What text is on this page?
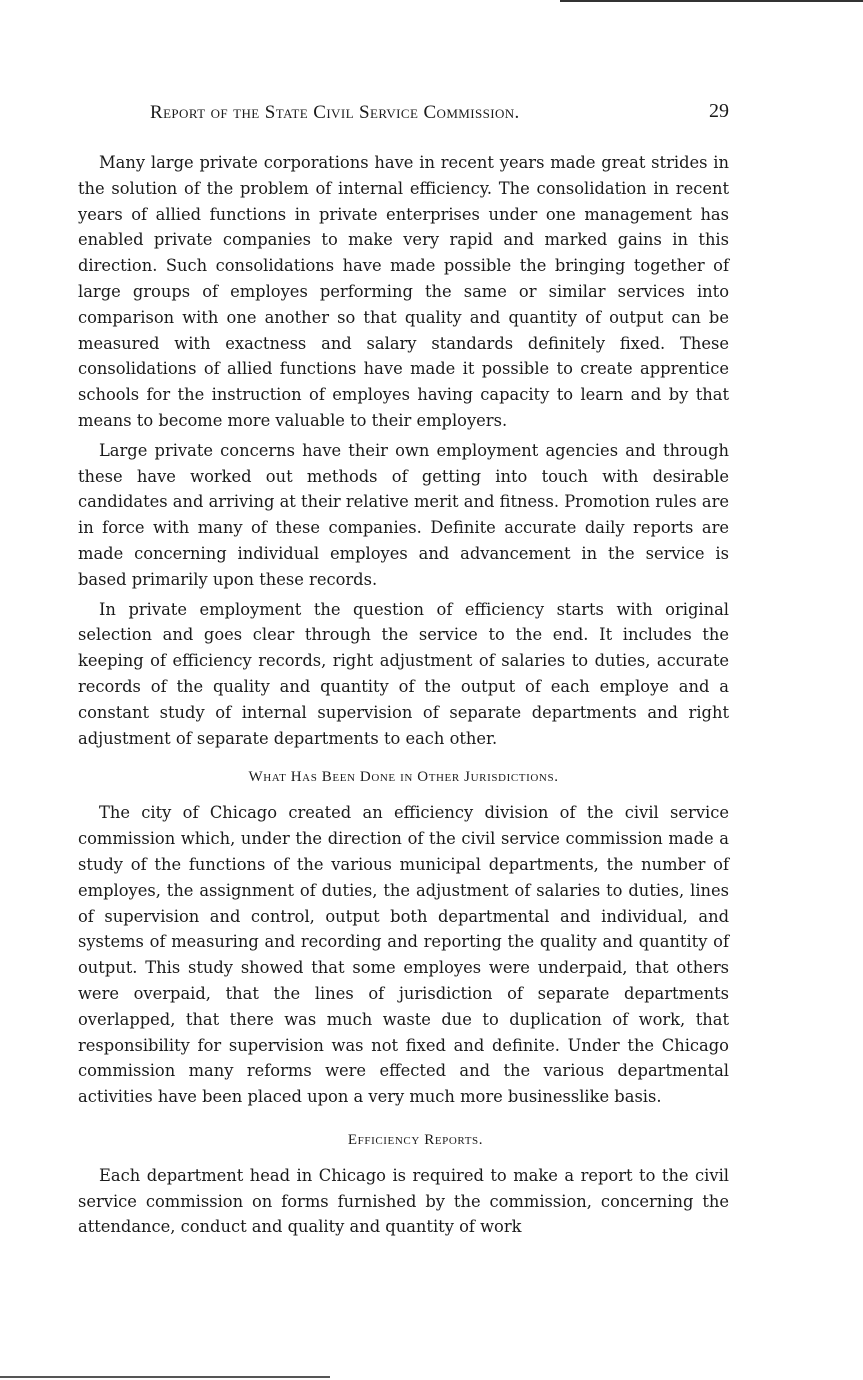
Report of the State Civil Service Commission.	29

Many large private corporations have in recent years made great strides in the solution of the problem of internal efficiency. The consolidation in recent years of allied functions in private enterprises under one management has enabled private companies to make very rapid and marked gains in this direction. Such consolidations have made possible the bringing together of large groups of employes performing the same or similar services into comparison with one another so that quality and quantity of output can be measured with exactness and salary standards definitely fixed. These consolidations of allied functions have made it possible to create apprentice schools for the instruction of employes having capacity to learn and by that means to become more valuable to their employers.

Large private concerns have their own employment agencies and through these have worked out methods of getting into touch with desirable candidates and arriving at their relative merit and fitness. Promotion rules are in force with many of these companies. Definite accurate daily reports are made concerning individual employes and advancement in the service is based primarily upon these records.

In private employment the question of efficiency starts with original selection and goes clear through the service to the end. It includes the keeping of efficiency records, right adjustment of salaries to duties, accurate records of the quality and quantity of the output of each employe and a constant study of internal supervision of separate departments and right adjustment of separate departments to each other.

What Has Been Done in Other Jurisdictions.

The city of Chicago created an efficiency division of the civil service commission which, under the direction of the civil service commission made a study of the functions of the various municipal departments, the number of employes, the assignment of duties, the adjustment of salaries to duties, lines of supervision and control, output both departmental and individual, and systems of measuring and recording and reporting the quality and quantity of output. This study showed that some employes were underpaid, that others were overpaid, that the lines of jurisdiction of separate departments overlapped, that there was much waste due to duplication of work, that responsibility for supervision was not fixed and definite. Under the Chicago commission many reforms were effected and the various departmental activities have been placed upon a very much more businesslike basis.

Efficiency Reports.

Each department head in Chicago is required to make a report to the civil service commission on forms furnished by the commission, concerning the attendance, conduct and quality and quantity of work
